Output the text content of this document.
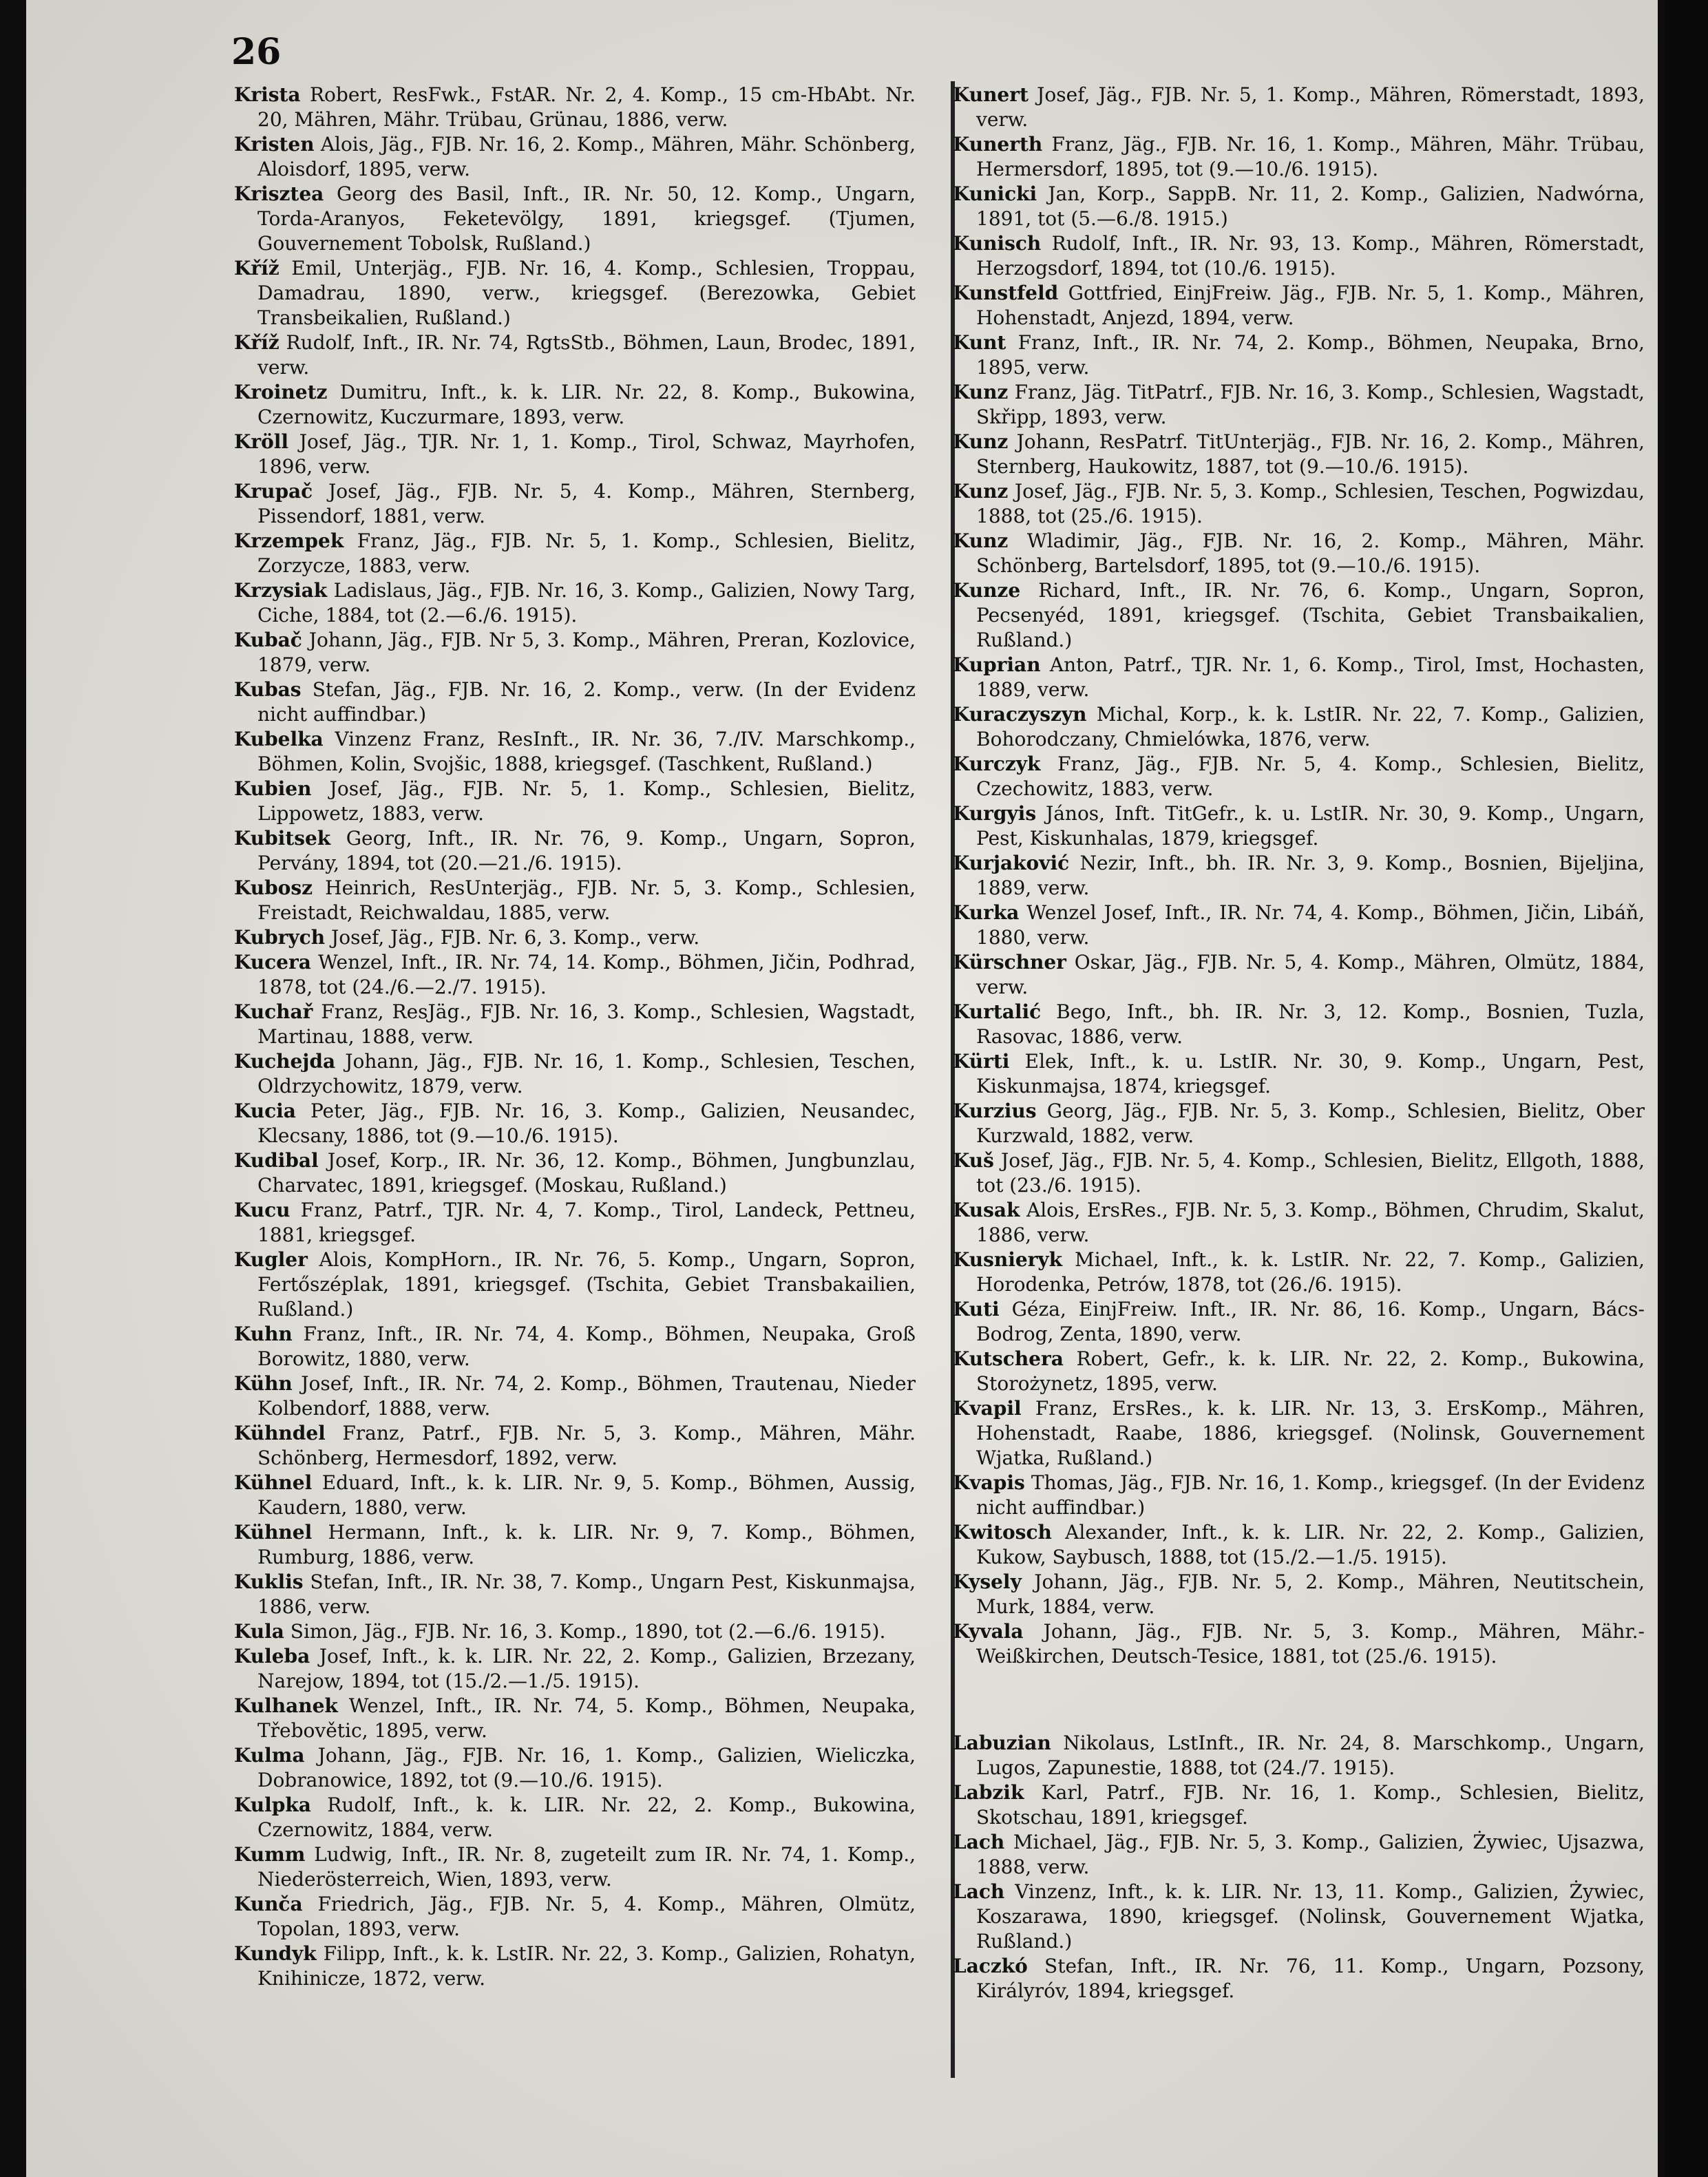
26
Krista Robert, ResFwk., FstAR. Nr. 2, 4. Komp., 15 cm-HbAbt. Nr. 20, Mähren, Mähr. Trübau, Grünau, 1886, verw.
Kristen Alois, Jäg., FJB. Nr. 16, 2. Komp., Mähren, Mähr. Schönberg, Aloisdorf, 1895, verw.
Krisztea Georg des Basil, Inft., IR. Nr. 50, 12. Komp., Ungarn, Torda-Aranyos, Feketevölgy, 1891, kriegsgef. (Tjumen, Gouvernement Tobolsk, Rußland.)
Kříž Emil, Unterjäg., FJB. Nr. 16, 4. Komp., Schlesien, Troppau, Damadrau, 1890, verw., kriegsgef. (Berezowka, Gebiet Transbeikalien, Rußland.)
Kříž Rudolf, Inft., IR. Nr. 74, RgtsStb., Böhmen, Laun, Brodec, 1891, verw.
Kroinetz Dumitru, Inft., k. k. LIR. Nr. 22, 8. Komp., Bukowina, Czernowitz, Kuczurmare, 1893, verw.
Kröll Josef, Jäg., TJR. Nr. 1, 1. Komp., Tirol, Schwaz, Mayrhofen, 1896, verw.
Krupač Josef, Jäg., FJB. Nr. 5, 4. Komp., Mähren, Sternberg, Pissendorf, 1881, verw.
Krzempek Franz, Jäg., FJB. Nr. 5, 1. Komp., Schlesien, Bielitz, Zorzycze, 1883, verw.
Krzysiak Ladislaus, Jäg., FJB. Nr. 16, 3. Komp., Galizien, Nowy Targ, Ciche, 1884, tot (2.—6./6. 1915).
Kubač Johann, Jäg., FJB. Nr 5, 3. Komp., Mähren, Preran, Kozlovice, 1879, verw.
Kubas Stefan, Jäg., FJB. Nr. 16, 2. Komp., verw. (In der Evidenz nicht auffindbar.)
Kubelka Vinzenz Franz, ResInft., IR. Nr. 36, 7./IV. Marschkomp., Böhmen, Kolin, Svojšic, 1888, kriegsgef. (Taschkent, Rußland.)
Kubien Josef, Jäg., FJB. Nr. 5, 1. Komp., Schlesien, Bielitz, Lippowetz, 1883, verw.
Kubitsek Georg, Inft., IR. Nr. 76, 9. Komp., Ungarn, Sopron, Pervány, 1894, tot (20.—21./6. 1915).
Kubosz Heinrich, ResUnterjäg., FJB. Nr. 5, 3. Komp., Schlesien, Freistadt, Reichwaldau, 1885, verw.
Kubrych Josef, Jäg., FJB. Nr. 6, 3. Komp., verw.
Kucera Wenzel, Inft., IR. Nr. 74, 14. Komp., Böhmen, Jičin, Podhrad, 1878, tot (24./6.—2./7. 1915).
Kuchař Franz, ResJäg., FJB. Nr. 16, 3. Komp., Schlesien, Wagstadt, Martinau, 1888, verw.
Kuchejda Johann, Jäg., FJB. Nr. 16, 1. Komp., Schlesien, Teschen, Oldrzychowitz, 1879, verw.
Kucia Peter, Jäg., FJB. Nr. 16, 3. Komp., Galizien, Neusandec, Klecsany, 1886, tot (9.—10./6. 1915).
Kudibal Josef, Korp., IR. Nr. 36, 12. Komp., Böhmen, Jungbunzlau, Charvatec, 1891, kriegsgef. (Moskau, Rußland.)
Kucu Franz, Patrf., TJR. Nr. 4, 7. Komp., Tirol, Landeck, Pettneu, 1881, kriegsgef.
Kugler Alois, KompHorn., IR. Nr. 76, 5. Komp., Ungarn, Sopron, Fertőszéplak, 1891, kriegsgef. (Tschita, Gebiet Transbakailien, Rußland.)
Kuhn Franz, Inft., IR. Nr. 74, 4. Komp., Böhmen, Neupaka, Groß Borowitz, 1880, verw.
Kühn Josef, Inft., IR. Nr. 74, 2. Komp., Böhmen, Trautenau, Nieder Kolbendorf, 1888, verw.
Kühndel Franz, Patrf., FJB. Nr. 5, 3. Komp., Mähren, Mähr. Schönberg, Hermesdorf, 1892, verw.
Kühnel Eduard, Inft., k. k. LIR. Nr. 9, 5. Komp., Böhmen, Aussig, Kaudern, 1880, verw.
Kühnel Hermann, Inft., k. k. LIR. Nr. 9, 7. Komp., Böhmen, Rumburg, 1886, verw.
Kuklis Stefan, Inft., IR. Nr. 38, 7. Komp., Ungarn Pest, Kiskunmajsa, 1886, verw.
Kula Simon, Jäg., FJB. Nr. 16, 3. Komp., 1890, tot (2.—6./6. 1915).
Kuleba Josef, Inft., k. k. LIR. Nr. 22, 2. Komp., Galizien, Brzezany, Narejow, 1894, tot (15./2.—1./5. 1915).
Kulhanek Wenzel, Inft., IR. Nr. 74, 5. Komp., Böhmen, Neupaka, Třebovětic, 1895, verw.
Kulma Johann, Jäg., FJB. Nr. 16, 1. Komp., Galizien, Wieliczka, Dobranowice, 1892, tot (9.—10./6. 1915).
Kulpka Rudolf, Inft., k. k. LIR. Nr. 22, 2. Komp., Bukowina, Czernowitz, 1884, verw.
Kumm Ludwig, Inft., IR. Nr. 8, zugeteilt zum IR. Nr. 74, 1. Komp., Niederösterreich, Wien, 1893, verw.
Kunča Friedrich, Jäg., FJB. Nr. 5, 4. Komp., Mähren, Olmütz, Topolan, 1893, verw.
Kundyk Filipp, Inft., k. k. LstIR. Nr. 22, 3. Komp., Galizien, Rohatyn, Knihinicze, 1872, verw.
Kunert Josef, Jäg., FJB. Nr. 5, 1. Komp., Mähren, Römerstadt, 1893, verw.
Kunerth Franz, Jäg., FJB. Nr. 16, 1. Komp., Mähren, Mähr. Trübau, Hermersdorf, 1895, tot (9.—10./6. 1915).
Kunicki Jan, Korp., SappB. Nr. 11, 2. Komp., Galizien, Nadwórna, 1891, tot (5.—6./8. 1915.)
Kunisch Rudolf, Inft., IR. Nr. 93, 13. Komp., Mähren, Römerstadt, Herzogsdorf, 1894, tot (10./6. 1915).
Kunstfeld Gottfried, EinjFreiw. Jäg., FJB. Nr. 5, 1. Komp., Mähren, Hohenstadt, Anjezd, 1894, verw.
Kunt Franz, Inft., IR. Nr. 74, 2. Komp., Böhmen, Neupaka, Brno, 1895, verw.
Kunz Franz, Jäg. TitPatrf., FJB. Nr. 16, 3. Komp., Schlesien, Wagstadt, Skřipp, 1893, verw.
Kunz Johann, ResPatrf. TitUnterjäg., FJB. Nr. 16, 2. Komp., Mähren, Sternberg, Haukowitz, 1887, tot (9.—10./6. 1915).
Kunz Josef, Jäg., FJB. Nr. 5, 3. Komp., Schlesien, Teschen, Pogwizdau, 1888, tot (25./6. 1915).
Kunz Wladimir, Jäg., FJB. Nr. 16, 2. Komp., Mähren, Mähr. Schönberg, Bartelsdorf, 1895, tot (9.—10./6. 1915).
Kunze Richard, Inft., IR. Nr. 76, 6. Komp., Ungarn, Sopron, Pecsenyéd, 1891, kriegsgef. (Tschita, Gebiet Transbaikalien, Rußland.)
Kuprian Anton, Patrf., TJR. Nr. 1, 6. Komp., Tirol, Imst, Hochasten, 1889, verw.
Kuraczyszyn Michal, Korp., k. k. LstIR. Nr. 22, 7. Komp., Galizien, Bohorodczany, Chmielówka, 1876, verw.
Kurczyk Franz, Jäg., FJB. Nr. 5, 4. Komp., Schlesien, Bielitz, Czechowitz, 1883, verw.
Kurgyis János, Inft. TitGefr., k. u. LstIR. Nr. 30, 9. Komp., Ungarn, Pest, Kiskunhalas, 1879, kriegsgef.
Kurjaković Nezir, Inft., bh. IR. Nr. 3, 9. Komp., Bosnien, Bijeljina, 1889, verw.
Kurka Wenzel Josef, Inft., IR. Nr. 74, 4. Komp., Böhmen, Jičin, Libáň, 1880, verw.
Kürschner Oskar, Jäg., FJB. Nr. 5, 4. Komp., Mähren, Olmütz, 1884, verw.
Kurtalić Bego, Inft., bh. IR. Nr. 3, 12. Komp., Bosnien, Tuzla, Rasovac, 1886, verw.
Kürti Elek, Inft., k. u. LstIR. Nr. 30, 9. Komp., Ungarn, Pest, Kiskunmajsa, 1874, kriegsgef.
Kurzius Georg, Jäg., FJB. Nr. 5, 3. Komp., Schlesien, Bielitz, Ober Kurzwald, 1882, verw.
Kuš Josef, Jäg., FJB. Nr. 5, 4. Komp., Schlesien, Bielitz, Ellgoth, 1888, tot (23./6. 1915).
Kusak Alois, ErsRes., FJB. Nr. 5, 3. Komp., Böhmen, Chrudim, Skalut, 1886, verw.
Kusnieryk Michael, Inft., k. k. LstIR. Nr. 22, 7. Komp., Galizien, Horodenka, Petrów, 1878, tot (26./6. 1915).
Kuti Géza, EinjFreiw. Inft., IR. Nr. 86, 16. Komp., Ungarn, Bács-Bodrog, Zenta, 1890, verw.
Kutschera Robert, Gefr., k. k. LIR. Nr. 22, 2. Komp., Bukowina, Storożynetz, 1895, verw.
Kvapil Franz, ErsRes., k. k. LIR. Nr. 13, 3. ErsKomp., Mähren, Hohenstadt, Raabe, 1886, kriegsgef. (Nolinsk, Gouvernement Wjatka, Rußland.)
Kvapis Thomas, Jäg., FJB. Nr. 16, 1. Komp., kriegsgef. (In der Evidenz nicht auffindbar.)
Kwitosch Alexander, Inft., k. k. LIR. Nr. 22, 2. Komp., Galizien, Kukow, Saybusch, 1888, tot (15./2.—1./5. 1915).
Kysely Johann, Jäg., FJB. Nr. 5, 2. Komp., Mähren, Neutitschein, Murk, 1884, verw.
Kyvala Johann, Jäg., FJB. Nr. 5, 3. Komp., Mähren, Mähr.-Weißkirchen, Deutsch-Tesice, 1881, tot (25./6. 1915).
Labuzian Nikolaus, LstInft., IR. Nr. 24, 8. Marschkomp., Ungarn, Lugos, Zapunestie, 1888, tot (24./7. 1915).
Labzik Karl, Patrf., FJB. Nr. 16, 1. Komp., Schlesien, Bielitz, Skotschau, 1891, kriegsgef.
Lach Michael, Jäg., FJB. Nr. 5, 3. Komp., Galizien, Żywiec, Ujsazwa, 1888, verw.
Lach Vinzenz, Inft., k. k. LIR. Nr. 13, 11. Komp., Galizien, Żywiec, Koszarawa, 1890, kriegsgef. (Nolinsk, Gouvernement Wjatka, Rußland.)
Laczkó Stefan, Inft., IR. Nr. 76, 11. Komp., Ungarn, Pozsony, Királyróv, 1894, kriegsgef.
